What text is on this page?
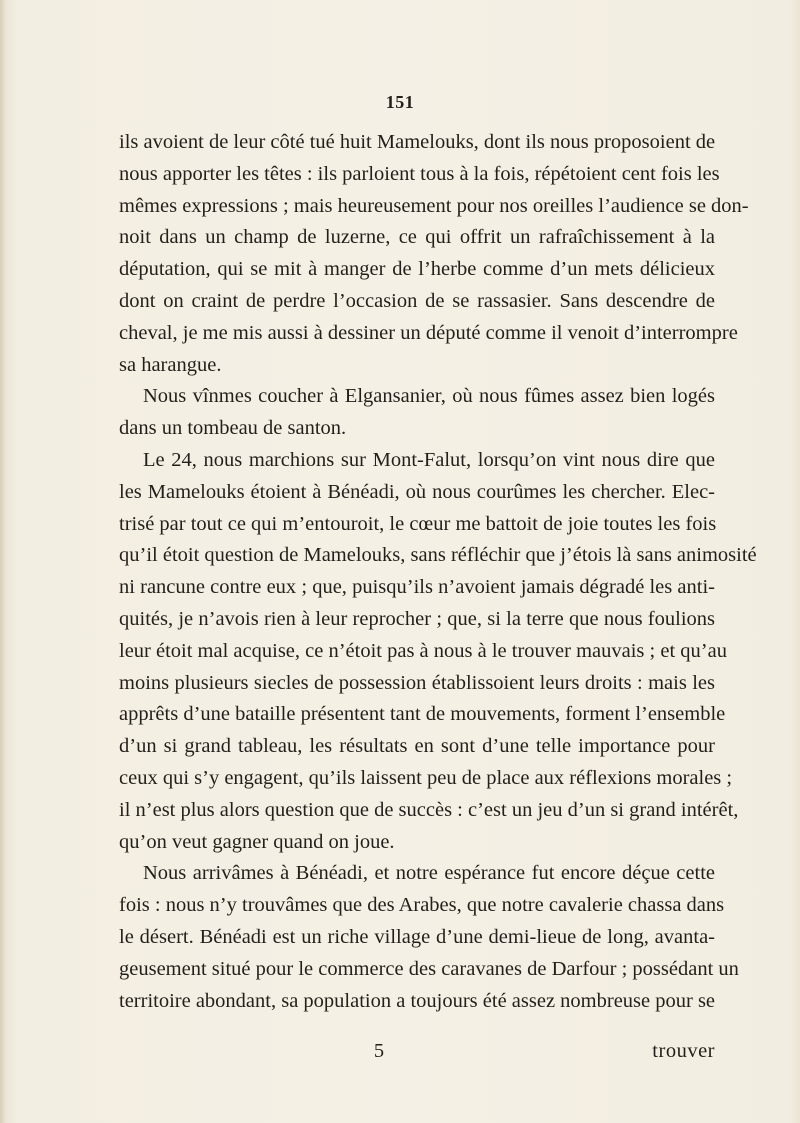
151
ils avoient de leur côté tué huit Mamelouks, dont ils nous proposoient de
nous apporter les têtes : ils parloient tous à la fois, répétoient cent fois les
mêmes expressions ; mais heureusement pour nos oreilles l’audience se don-
noit dans un champ de luzerne, ce qui offrit un rafraîchissement à la
députation, qui se mit à manger de l’herbe comme d’un mets délicieux
dont on craint de perdre l’occasion de se rassasier. Sans descendre de
cheval, je me mis aussi à dessiner un député comme il venoit d’interrompre
sa harangue.
Nous vînmes coucher à Elgansanier, où nous fûmes assez bien logés
dans un tombeau de santon.
Le 24, nous marchions sur Mont-Falut, lorsqu’on vint nous dire que
les Mamelouks étoient à Bénéadi, où nous courûmes les chercher. Elec-
trisé par tout ce qui m’entouroit, le cœur me battoit de joie toutes les fois
qu’il étoit question de Mamelouks, sans réfléchir que j’étois là sans animosité
ni rancune contre eux ; que, puisqu’ils n’avoient jamais dégradé les anti-
quités, je n’avois rien à leur reprocher ; que, si la terre que nous foulions
leur étoit mal acquise, ce n’étoit pas à nous à le trouver mauvais ; et qu’au
moins plusieurs siecles de possession établissoient leurs droits : mais les
apprêts d’une bataille présentent tant de mouvements, forment l’ensemble
d’un si grand tableau, les résultats en sont d’une telle importance pour
ceux qui s’y engagent, qu’ils laissent peu de place aux réflexions morales ;
il n’est plus alors question que de succès : c’est un jeu d’un si grand intérêt,
qu’on veut gagner quand on joue.
Nous arrivâmes à Bénéadi, et notre espérance fut encore déçue cette
fois : nous n’y trouvâmes que des Arabes, que notre cavalerie chassa dans
le désert. Bénéadi est un riche village d’une demi-lieue de long, avanta-
geusement situé pour le commerce des caravanes de Darfour ; possédant un
territoire abondant, sa population a toujours été assez nombreuse pour se
5	trouver
